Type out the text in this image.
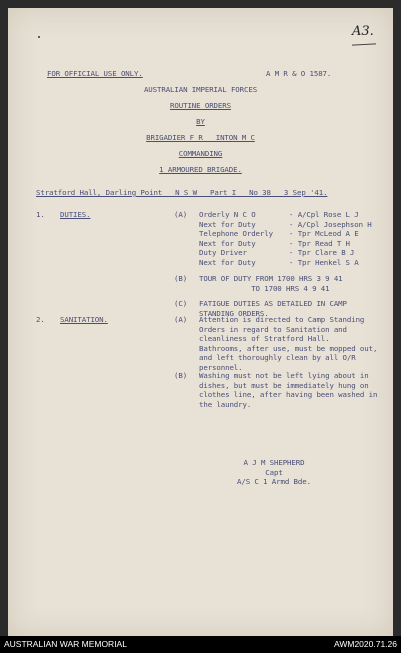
A3.
FOR OFFICIAL USE ONLY.	A M R & O 1587.
AUSTRALIAN IMPERIAL FORCES
ROUTINE ORDERS
BY
BRIGADIER F R   INTON M C
COMMANDING
1 ARMOURED BRIGADE.
Stratford Hall, Darling Point   N S W   Part I   No 38   3 Sep '41.
1. DUTIES.	(A) Orderly N C O	- A/Cpl Rose L J
Next for Duty	- A/Cpl Josephson H
Telephone Orderly - Tpr McLeod A E
Next for Duty	- Tpr Read T H
Duty Driver	- Tpr Clare B J
Next for Duty	- Tpr Henkel S A
(B) TOUR OF DUTY FROM 1700 HRS 3 9 41
TO 1700 HRS 4 9 41
(C) FATIGUE DUTIES AS DETAILED IN CAMP
STANDING ORDERS.
2. SANITATION.	(A) Attention is directed to Camp Standing
Orders in regard to Sanitation and
cleanliness of Stratford Hall.
Bathrooms, after use, must be mopped out,
and left thoroughly clean by all O/R
personnel.
(B) Washing must not be left lying about in
dishes, but must be immediately hung on
clothes line, after having been washed in
the laundry.
A J M SHEPHERD
Capt
A/S C 1 Armd Bde.
AUSTRALIAN WAR MEMORIAL	AWM2020.71.26
